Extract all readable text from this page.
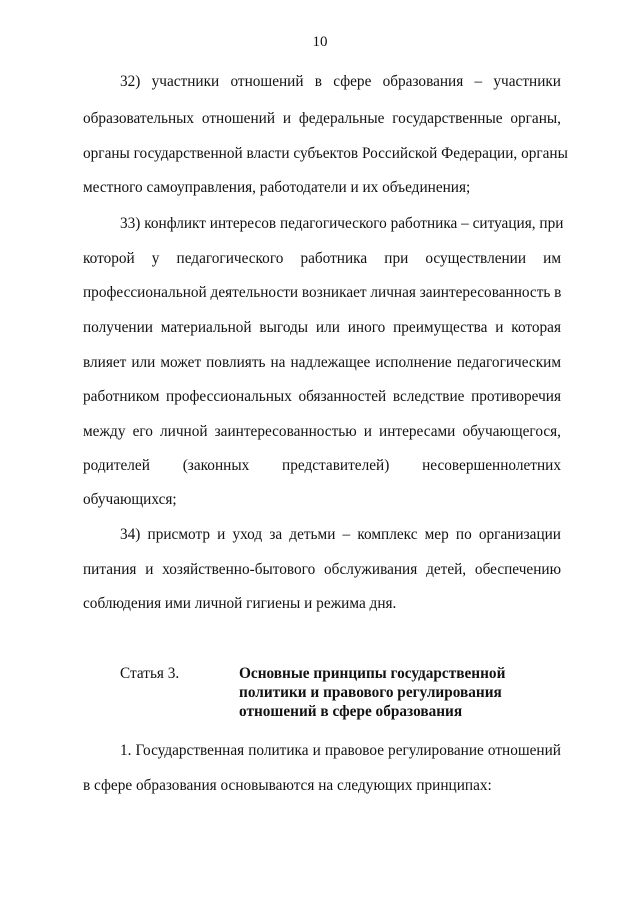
10
32) участники отношений в сфере образования – участники
образовательных отношений и федеральные государственные органы,
органы государственной власти субъектов Российской Федерации, органы
местного самоуправления, работодатели и их объединения;
33) конфликт интересов педагогического работника – ситуация, при
которой у педагогического работника при осуществлении им
профессиональной деятельности возникает личная заинтересованность в
получении материальной выгоды или иного преимущества и которая
влияет или может повлиять на надлежащее исполнение педагогическим
работником профессиональных обязанностей вследствие противоречия
между его личной заинтересованностью и интересами обучающегося,
родителей (законных представителей) несовершеннолетних
обучающихся;
34) присмотр и уход за детьми – комплекс мер по организации
питания и хозяйственно-бытового обслуживания детей, обеспечению
соблюдения ими личной гигиены и режима дня.
Статья 3.	Основные принципы государственной
политики и правового регулирования
отношений в сфере образования
1. Государственная политика и правовое регулирование отношений
в сфере образования основываются на следующих принципах:
